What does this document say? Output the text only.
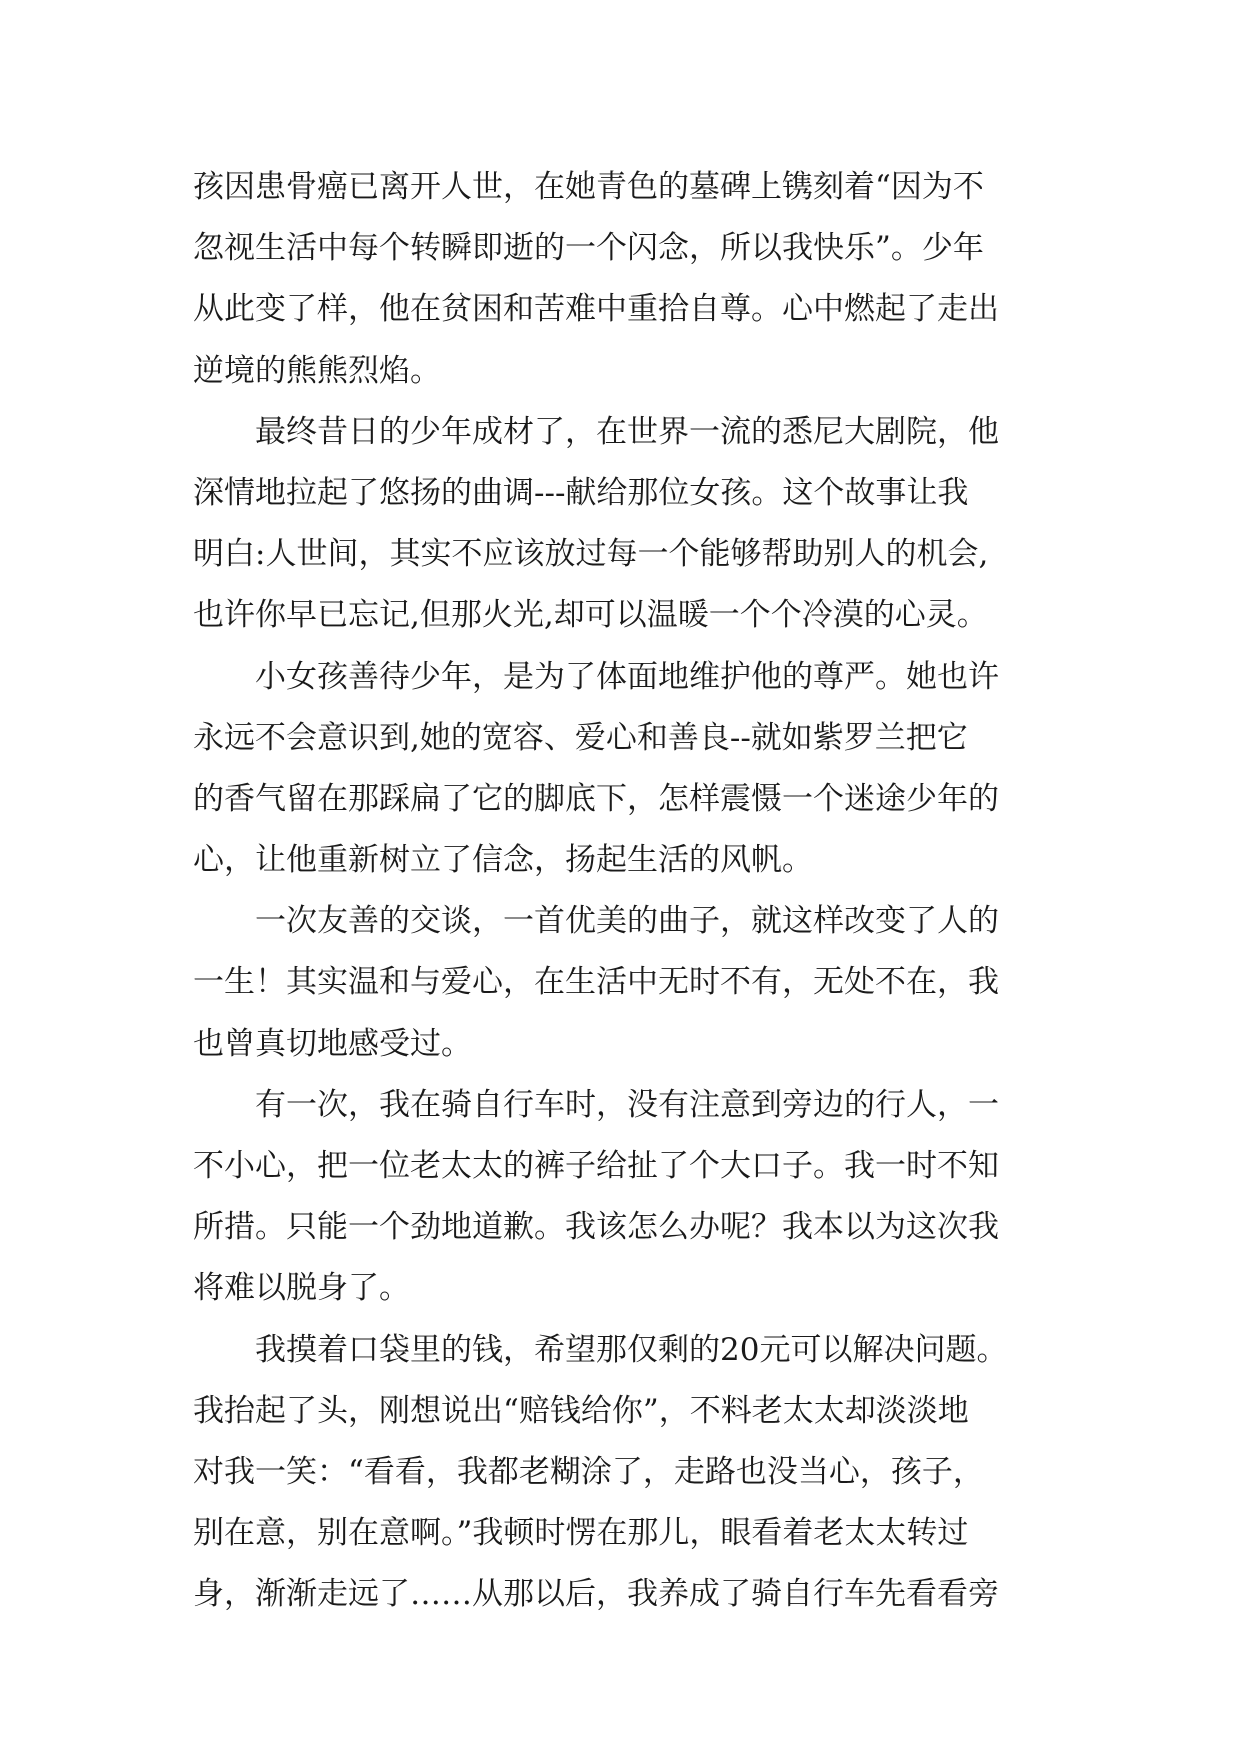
孩因患骨癌已离开人世，在她青色的墓碑上镌刻着“因为不
忽视生活中每个转瞬即逝的一个闪念，所以我快乐”。少年
从此变了样，他在贫困和苦难中重拾自尊。心中燃起了走出
逆境的熊熊烈焰。
最终昔日的少年成材了，在世界一流的悉尼大剧院，他
深情地拉起了悠扬的曲调---献给那位女孩。这个故事让我
明白:人世间，其实不应该放过每一个能够帮助别人的机会,
也许你早已忘记,但那火光,却可以温暖一个个冷漠的心灵。
小女孩善待少年，是为了体面地维护他的尊严。她也许
永远不会意识到,她的宽容、爱心和善良--就如紫罗兰把它
的香气留在那踩扁了它的脚底下，怎样震慑一个迷途少年的
心，让他重新树立了信念，扬起生活的风帆。
一次友善的交谈，一首优美的曲子，就这样改变了人的
一生！其实温和与爱心，在生活中无时不有，无处不在，我
也曾真切地感受过。
有一次，我在骑自行车时，没有注意到旁边的行人，一
不小心，把一位老太太的裤子给扯了个大口子。我一时不知
所措。只能一个劲地道歉。我该怎么办呢？我本以为这次我
将难以脱身了。
我摸着口袋里的钱，希望那仅剩的20元可以解决问题。
我抬起了头，刚想说出“赔钱给你”，不料老太太却淡淡地
对我一笑：“看看，我都老糊涂了，走路也没当心，孩子，
别在意，别在意啊。”我顿时愣在那儿，眼看着老太太转过
身，渐渐走远了……从那以后，我养成了骑自行车先看看旁
